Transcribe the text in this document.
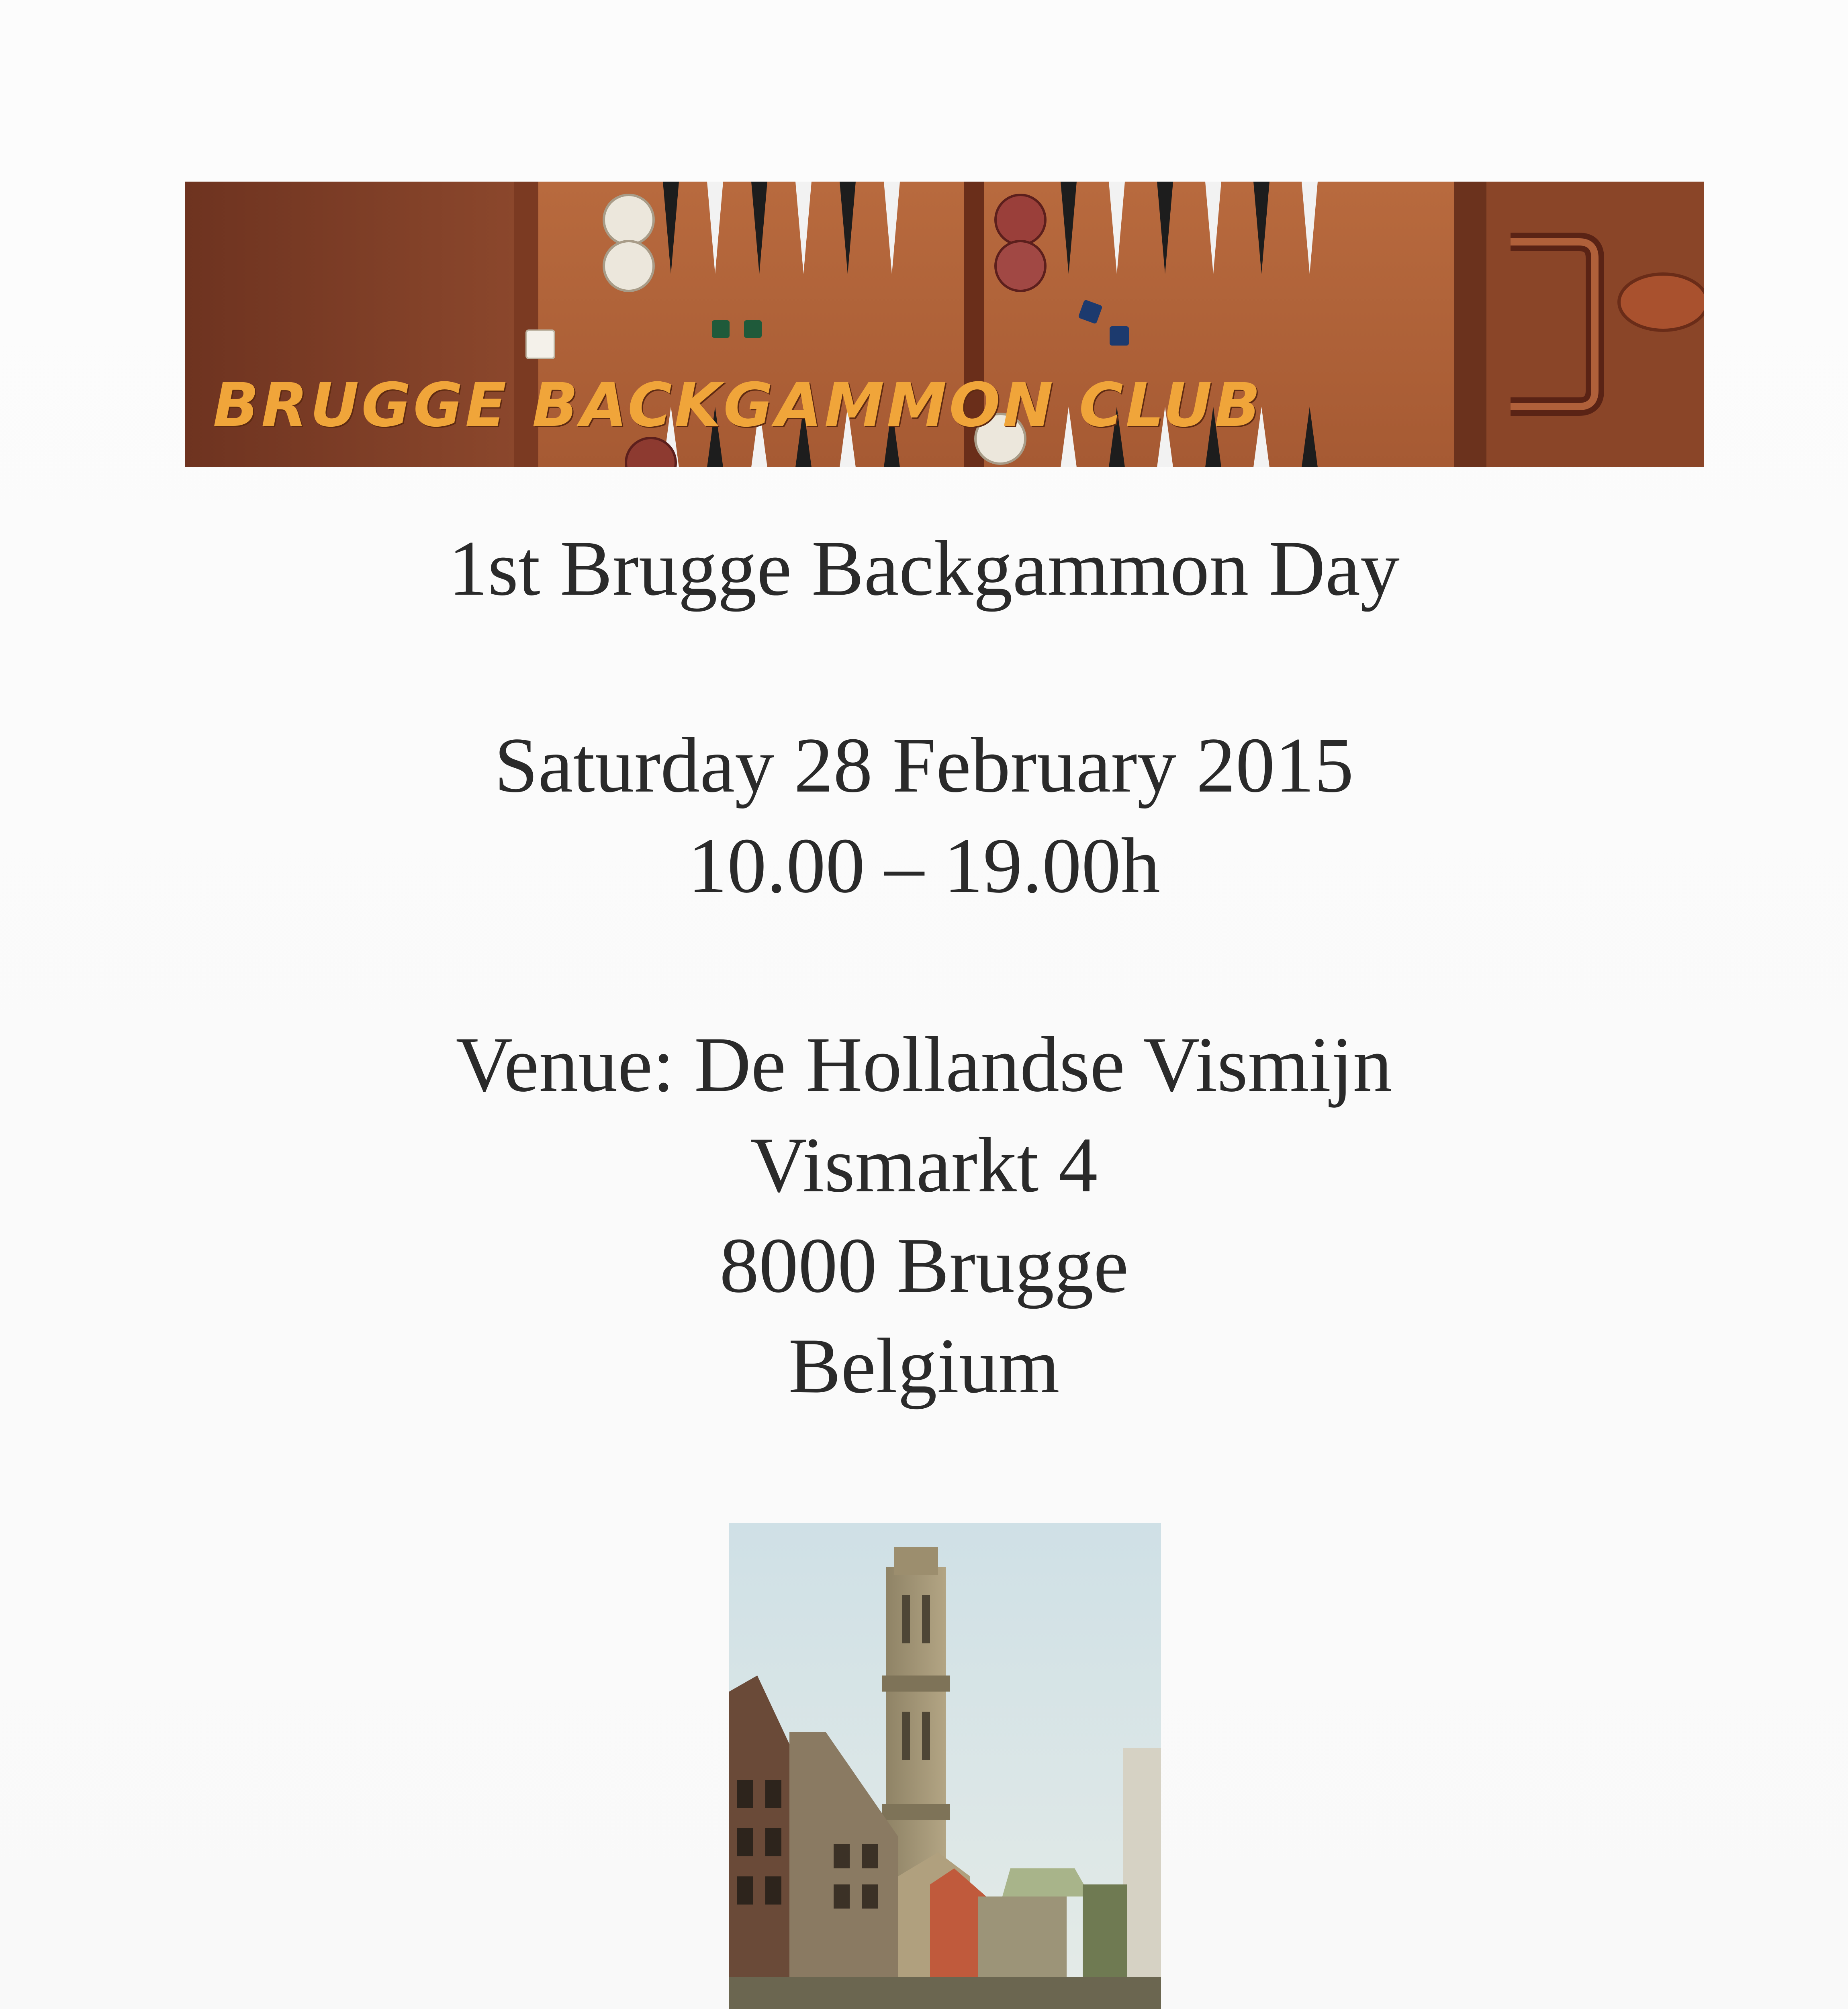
BRUGGE BACKGAMMON CLUB
1st Brugge Backgammon Day
Saturday 28 February 2015
10.00 – 19.00h
Venue: De Hollandse Vismijn
Vismarkt 4
8000 Brugge
Belgium
